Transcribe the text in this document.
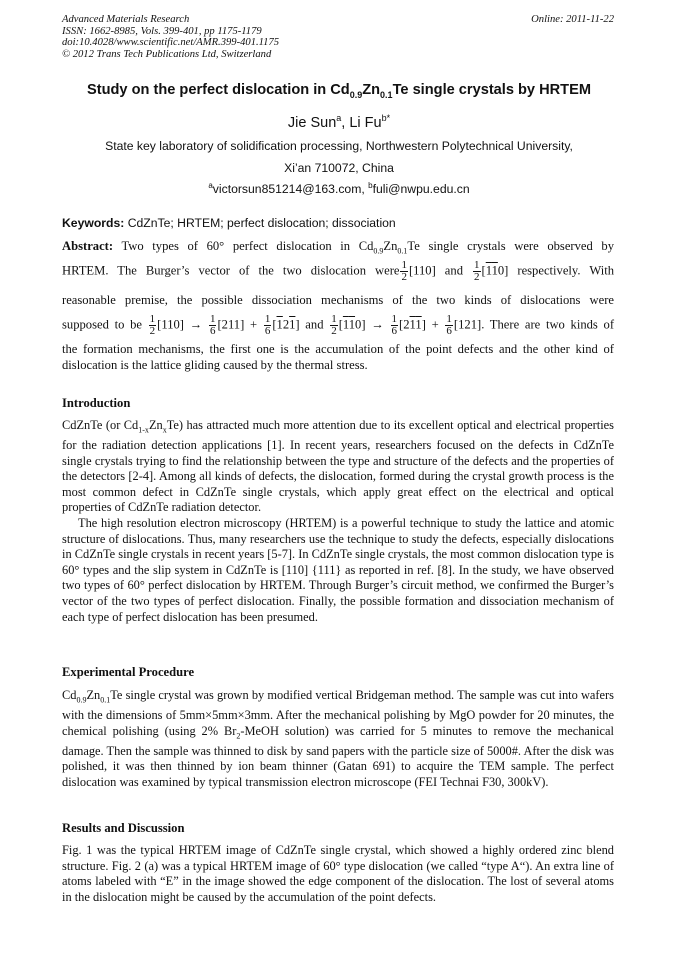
Advanced Materials Research
ISSN: 1662-8985, Vols. 399-401, pp 1175-1179
doi:10.4028/www.scientific.net/AMR.399-401.1175
© 2012 Trans Tech Publications Ltd, Switzerland
Online: 2011-11-22
Study on the perfect dislocation in $Cd_{0.9}Zn_{0.1}Te$ single crystals by HRTEM
Jie Sun$^a$, Li $Fu^{b*}$
State key laboratory of solidification processing, Northwestern Polytechnical University,
Xi’an 710072, China
$^a$victorsun851214@163.com, $^b$fuli@nwpu.edu.cn
Keywords: CdZnTe; HRTEM; perfect dislocation; dissociation
Abstract: Two types of 60° perfect dislocation in $Cd_{0.9}Zn_{0.1}Te$ single crystals were observed by
HRTEM. The Burger’s vector of the two dislocation were $\frac{1}{2} [110]$ and $\frac{1}{2} [110]$ respectively. With
reasonable premise, the possible dissociation mechanisms of the two kinds of dislocations were
supposed to be $\frac{1}{2} [110] \to \frac{1}{6} [211] + \frac{1}{6} [121]$ and $\frac{1}{2} [110] \to \frac{1}{6} [211] + \frac{1}{6} [121]$. There are two kinds of
the formation mechanisms, the first one is the accumulation of the point defects and the other kind of
dislocation is the lattice gliding caused by the thermal stress.
Introduction

CdZnTe (or $Cd_{1-x}Zn_xTe$) has attracted much more attention due to its excellent optical and electrical properties for the radiation detection applications [1]. In recent years, researchers focused on the defects in CdZnTe single crystals trying to find the relationship between the type and structure of the defects and the properties of the detectors [2-4]. Among all kinds of defects, the dislocation, formed during the crystal growth process is the most common defect in CdZnTe single crystals, which apply great effect on the electrical and optical properties of CdZnTe radiation detector.

The high resolution electron microscopy (HRTEM) is a powerful technique to study the lattice and atomic structure of dislocations. Thus, many researchers use the technique to study the defects, especially dislocations in CdZnTe single crystals in recent years [5-7]. In CdZnTe single crystals, the most common dislocation type is 60° types and the slip system in CdZnTe is [110] {111} as reported in ref. [8]. In the study, we have observed two types of 60° perfect dislocation by HRTEM. Through Burger’s circuit method, we confirmed the Burger’s vector of the two types of perfect dislocation. Finally, the possible formation and dissociation mechanism of each type of perfect dislocation has been presumed.

Experimental Procedure

$Cd_{0.9}Zn_{0.1}Te$ single crystal was grown by modified vertical Bridgeman method. The sample was cut into wafers with the dimensions of 5mm×5mm×3mm. After the mechanical polishing by MgO powder for 20 minutes, the chemical polishing (using 2% $Br_2$-MeOH solution) was carried for 5 minutes to remove the mechanical damage. Then the sample was thinned to disk by sand papers with the particle size of 5000#. After the disk was polished, it was then thinned by ion beam thinner (Gatan 691) to acquire the TEM sample. The perfect dislocation was examined by typical transmission electron microscope (FEI Technai F30, 300kV).

Results and Discussion

Fig. 1 was the typical HRTEM image of CdZnTe single crystal, which showed a highly ordered zinc blend structure. Fig. 2 (a) was a typical HRTEM image of 60° type dislocation (we called “type A“). An extra line of atoms labeled with “E” in the image showed the edge component of the dislocation. The lost of several atoms in the dislocation might be caused by the accumulation of the point defects.
